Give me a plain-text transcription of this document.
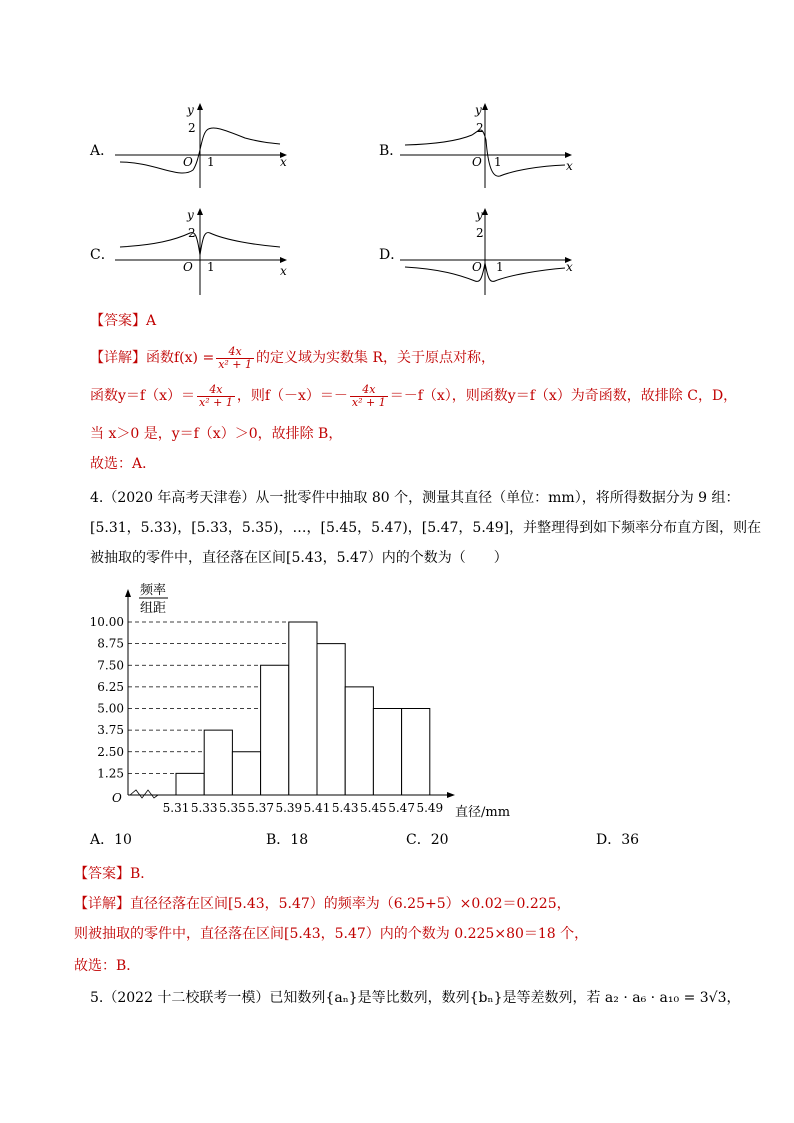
A．
y
2
O 1	x
B．
y
2
O 1	x
C．
y
2
O 1	x
D．
y
2
O 1	x
【答案】A
【详解】 函数$f(x) = \frac{4x}{\text{x² + 1}}$ 的定义域为实数集 R，关于原点对称，
函数$y=f(x)= \frac{4x}{\text{x² + 1}}$ ，则$f(-x)=- \frac{4x}{\text{x² + 1}} =-f(x)$，则函数y＝f（x）为奇函数，故排除 C，D，
当 x＞0 是，y＝f（x）＞0，故排除 B，
故选：A．
4.（2020 年高考天津卷）从一批零件中抽取 80 个，测量其直径（单位：mm），将所得数据分为 9 组：
[5.31，5.33)，[5.33，5.35)，…，[5.45，5.47)，[5.47，5.49]，并整理得到如下频率分布直方图，则在
被抽取的零件中，直径落在区间[5.43，5.47）内的个数为（　　）
1.25
2.50
3.75
5.00
6.25
7.50
8.75
10.00
5.31 5.33 5.35 5.37 5.39 5.41 5.43 5.45 5.47 5.49
频率
组距
O
直径/mm
A．10	B．18	C．20	D．36
【答案】B．
【详解】直径径落在区间[5.43，5.47）的频率为（6.25+5）×0.02＝0.225，
则被抽取的零件中，直径落在区间[5.43，5.47）内的个数为 0.225×80＝18 个，
故选：B．
5.（2022 十二校联考一模）已知数列{aₙ}是等比数列，数列{bₙ}是等差数列，若 a₂ · a₆ · a₁₀ = 3√3，
